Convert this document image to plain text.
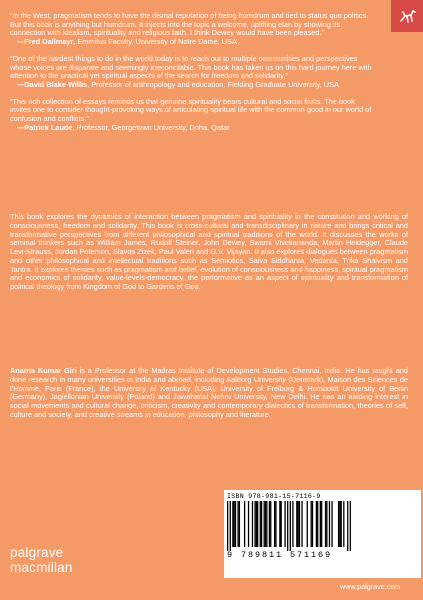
“In the West, pragmatism tends to have the dismal reputation of being humdrum and tied to status quo politics. But this book is anything but humdrum. It injects into the topic a welcome, uplifting elan by showing its connection with idealism, spirituality and religious faith. I think Dewey would have been pleased.”
—Fred Dallmayr, Emeritus Faculty, University of Notre Dame, USA
“One of the hardest things to do in the world today is to reach out to multiple communities and perspectives whose voices are disparate and seemingly irreconcilable. This book has taken us on this hard journey here with attention to the practical yet spiritual aspects of the search for freedom and solidarity.”
—David Blake Willis, Professor of anthropology and education, Fielding Graduate University, USA
“This rich collection of essays reminds us that genuine spirituality bears cultural and social fruits. The book invites one to consider thought-provoking ways of articulating spiritual life with the common good in our world of confusion and conflicts.”
—Patrick Laude, Professor, Georgetown University, Doha, Qatar

This book explores the dynamics of interaction between pragmatism and spirituality in the constitution and working of consciousness, freedom and solidarity. This book is cross-cultural and transdisciplinary in nature and brings critical and transformative perspectives from different philosophical and spiritual traditions of the world. It discusses the works of seminal thinkers such as William James, Rudolf Steiner, John Dewey, Swami Vivekananda, Martin Heidegger, Claude Levi-Strauss, Jordan Peterson, Slavos Zizek, Paul Valeri and O.V. Vijayan. It also explores dialogues between pragmatism and other philosophical and intellectual traditions such as Semiotics, Saiva Siddhanta, Vedanta, Trika Shaivism and Tantra. It explores themes such as pragmatism and belief, evolution of consciousness and happiness, spiritual pragmatism and economics of solidarity, value-levels-democracy, the performative as an aspect of spirituality and transformation of political theology from Kingdom of God to Gardens of God.

Ananta Kumar Giri is a Professor at the Madras Institute of Development Studies, Chennai, India. He has taught and done research in many universities in India and abroad, including Aalborg University (Denmark), Maison des Sciences de l’Homme, Paris (France), the University of Kentucky (USA), University of Freiburg & Humboldt University of Berlin (Germany), Jagiellonian University (Poland) and Jawaharlal Nehru University, New Delhi. He has an abiding interest in social movements and cultural change, criticism, creativity and contemporary dialectics of transformation, theories of self, culture and society, and creative streams in education, philosophy and literature.

palgrave
macmillan
ISBN 978-981-15-7116-9
9 789811 571169
www.palgrave.com
